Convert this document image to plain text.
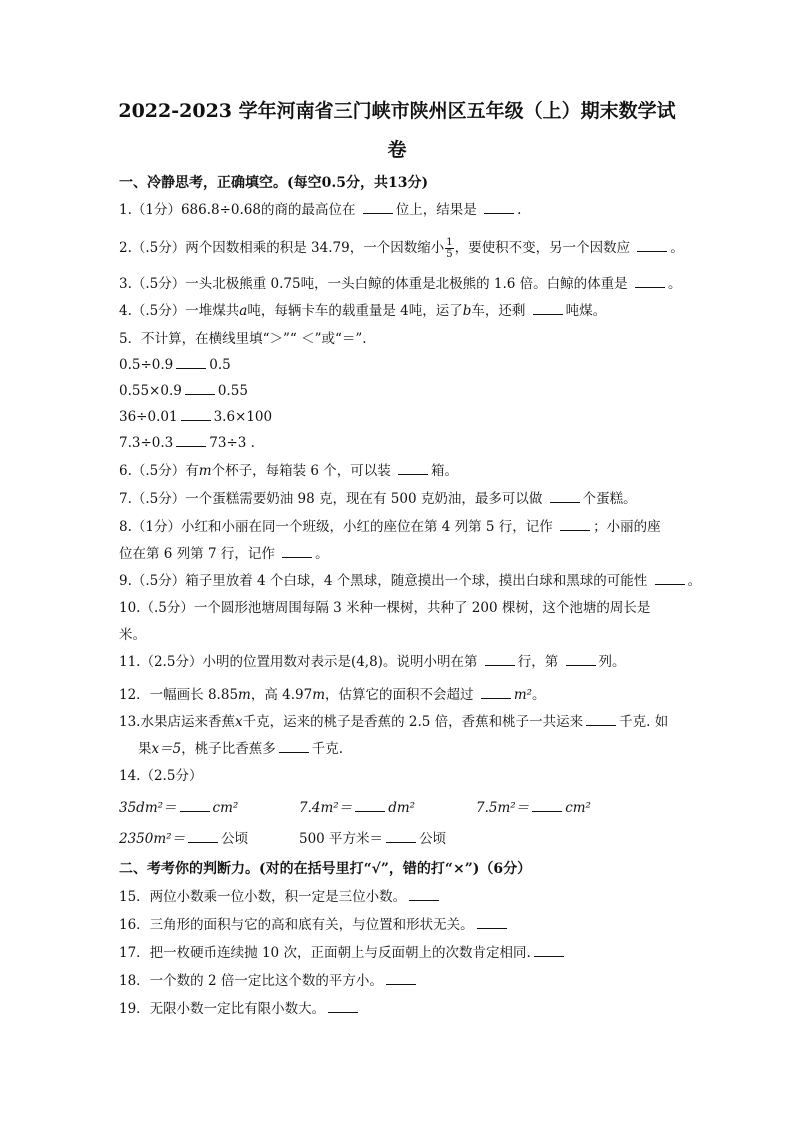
2022-2023 学年河南省三门峡市陕州区五年级（上）期末数学试
卷
一、冷静思考，正确填空。(每空0.5分，共13分)
1.（1分）686.8÷0.68的商的最高位在	位上，结果是	.
2.（.5分）两个因数相乘的积是 34.79，一个因数缩小 $\frac{1}{5}$ ，要使积不变，另一个因数应	。
3.（.5分）一头北极熊重 0.75吨，一头白鲸的体重是北极熊的 1.6 倍。白鲸的体重是	。
4.（.5分）一堆煤共a吨，每辆卡车的载重量是 4吨，运了b车，还剩	吨煤。
5．不计算，在横线里填“＞”“ ＜”或“＝”.
0.5÷0.9	0.5
0.55×0.9	0.55
36÷0.01	3.6×100
7.3÷0.3	73÷3 .
6.（.5分）有m个杯子，每箱装 6 个，可以装	箱。
7.（.5分）一个蛋糕需要奶油 98 克，现在有 500 克奶油，最多可以做	个蛋糕。
8.（1分）小红和小丽在同一个班级，小红的座位在第 4 列第 5 行，记作	；小丽的座
位在第 6 列第 7 行，记作	。
9.（.5分）箱子里放着 4 个白球，4 个黑球，随意摸出一个球，摸出白球和黑球的可能性	。
10.（.5分）一个圆形池塘周围每隔 3 米种一棵树，共种了 200 棵树，这个池塘的周长是
米。
11.（2.5分）小明的位置用数对表示是(4,8)。说明小明在第	行，第	列。
12．一幅画长 8.85m，高 4.97m，估算它的面积不会超过	m²。
13.水果店运来香蕉x千克，运来的桃子是香蕉的 2.5 倍，香蕉和桃子一共运来	千克. 如
果x＝5，桃子比香蕉多	千克.
14.（2.5分）
35dm²＝	cm²	7.4m²＝	dm²	7.5m²＝	cm²
2350m²＝	公顷	500 平方米＝	公顷
二、考考你的判断力。(对的在括号里打“√”，错的打“×”)（6分）
15．两位小数乘一位小数，积一定是三位小数。
16．三角形的面积与它的高和底有关，与位置和形状无关。
17．把一枚硬币连续抛 10 次，正面朝上与反面朝上的次数肯定相同.
18．一个数的 2 倍一定比这个数的平方小。
19．无限小数一定比有限小数大。
